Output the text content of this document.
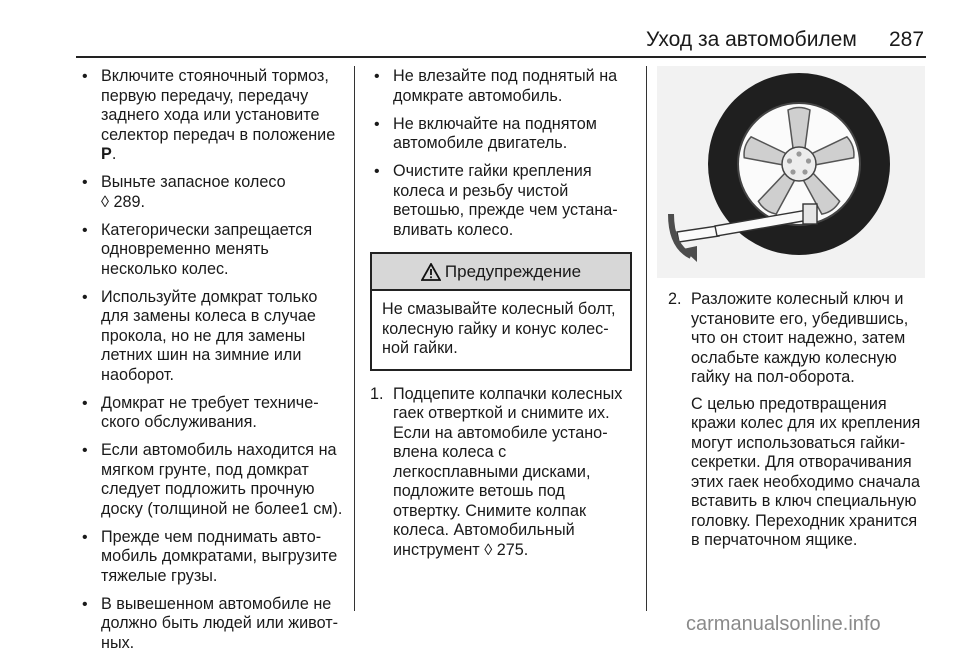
Уход за автомобилем 287
• Включите стояночный тормоз, первую передачу, передачу заднего хода или установите селектор передач в положение P.
• Выньте запасное колесо
◊ 289.
• Категорически запрещается одновременно менять несколько колес.
• Используйте домкрат только для замены колеса в случае прокола, но не для замены летних шин на зимние или наоборот.
• Домкрат не требует техниче- ского обслуживания.
• Если автомобиль находится на мягком грунте, под домкрат следует подложить прочную доску (толщиной не более1 см).
• Прежде чем поднимать авто- мобиль домкратами, выгрузите тяжелые грузы.
• В вывешенном автомобиле не должно быть людей или живот- ных.
• Не влезайте под поднятый на домкрате автомобиль.
• Не включайте на поднятом автомобиле двигатель.
• Очистите гайки крепления колеса и резьбу чистой ветошью, прежде чем устана- вливать колесо.
Предупреждение
Не смазывайте колесный болт, колесную гайку и конус колес- ной гайки.
1. Подцепите колпачки колесных гаек отверткой и снимите их. Если на автомобиле устано- влена колеса с легкосплавными дисками, подложите ветошь под отвертку. Снимите колпак колеса. Автомобильный инструмент ◊ 275.
2. Разложите колесный ключ и установите его, убедившись, что он стоит надежно, затем ослабьте каждую колесную гайку на пол-оборота.

С целью предотвращения кражи колес для их крепления могут использоваться гайки- секретки. Для отворачивания этих гаек необходимо сначала вставить в ключ специальную головку. Переходник хранится в перчаточном ящике.

carmanualsonline.info
